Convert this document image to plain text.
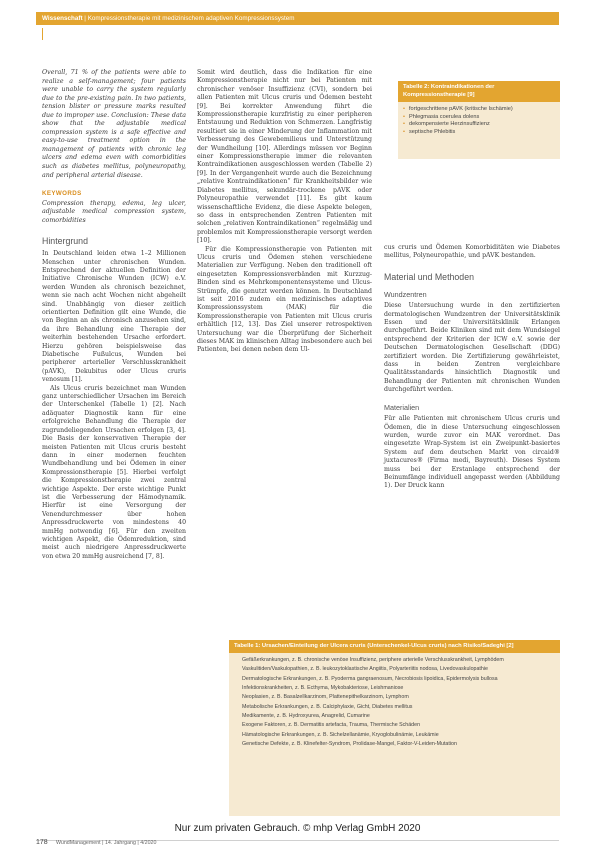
Wissenschaft | Kompressionstherapie mit medizinischem adaptiven Kompressionssystem

Overall, 71 % of the patients were able to realize a self-management; four patients were unable to carry the system regularly due to the pre-existing pain. In two patients, tension blister or pressure marks resulted due to improper use. Conclusion: These data show that the adjustable medical compression system is a safe effective and easy-to-use treatment option in the management of patients with chronic leg ulcers and edema even with comorbidities such as diabetes mellitus, polyneuropathy, and peripheral arterial disease.

KEYWORDS

Compression therapy, edema, leg ulcer, adjustable medical compression system, comorbidities

Hintergrund

In Deutschland leiden etwa 1–2 Millionen Menschen unter chronischen Wunden. Entsprechend der aktuellen Definition der Initiative Chronische Wunden (ICW) e.V. werden Wunden als chronisch bezeichnet, wenn sie nach acht Wochen nicht abgeheilt sind. Unabhängig von dieser zeitlich orientierten Definition gilt eine Wunde, die von Beginn an als chronisch anzusehen sind, da ihre Behandlung eine Therapie der weiterhin bestehenden Ursache erfordert. Hierzu gehören beispielsweise das Diabetische Fußulcus, Wunden bei peripherer arterieller Verschlusskrankheit (pAVK), Dekubitus oder Ulcus cruris venosum [1].

Als Ulcus cruris bezeichnet man Wunden ganz unterschiedlicher Ursachen im Bereich der Unterschenkel (Tabelle 1) [2]. Nach adäquater Diagnostik kann für eine erfolgreiche Behandlung die Therapie der zugrundeliegenden Ursachen erfolgen [3, 4]. Die Basis der konservativen Therapie der meisten Patienten mit Ulcus cruris besteht dann in einer modernen feuchten Wundbehandlung und bei Ödemen in einer Kompressionstherapie [5]. Hierbei verfolgt die Kompressionstherapie zwei zentral wichtige Aspekte. Der erste wichtige Punkt ist die Verbesserung der Hämodynamik. Hierfür ist eine Versorgung der Venendurchmesser über hohen Anpressdruckwerte von mindestens 40 mmHg notwendig [6]. Für den zweiten wichtigen Aspekt, die Ödemreduktion, sind meist auch niedrigere Anpressdruckwerte von etwa 20 mmHg ausreichend [7, 8].

Somit wird deutlich, dass die Indikation für eine Kompressionstherapie nicht nur bei Patienten mit chronischer venöser Insuffizienz (CVI), sondern bei allen Patienten mit Ulcus cruris und Ödemen besteht [9]. Bei korrekter Anwendung führt die Kompressionstherapie kurzfristig zu einer peripheren Entstauung und Reduktion von Schmerzen. Langfristig resultiert sie in einer Minderung der Inflammation mit Verbesserung des Gewebemilieus und Unterstützung der Wundheilung [10]. Allerdings müssen vor Beginn einer Kompressionstherapie immer die relevanten Kontraindikationen ausgeschlossen werden (Tabelle 2) [9]. In der Vergangenheit wurde auch die Bezeichnung „relative Kontraindikationen“ für Krankheitsbilder wie Diabetes mellitus, sekundär-trockene pAVK oder Polyneuropathie verwendet [11]. Es gibt kaum wissenschaftliche Evidenz, die diese Aspekte belegen, so dass in entsprechenden Zentren Patienten mit solchen „relativen Kontraindikationen“ regelmäßig und problemlos mit Kompressionstherapie versorgt werden [10].

Für die Kompressionstherapie von Patienten mit Ulcus cruris und Ödemen stehen verschiedene Materialien zur Verfügung. Neben den traditionell oft eingesetzten Kompressionsverbänden mit Kurzzug-Binden sind es Mehrkomponentensysteme und Ulcus-Strümpfe, die genutzt werden können. In Deutschland ist seit 2016 zudem ein medizinisches adaptives Kompressionssystem (MAK) für die Kompressionstherapie von Patienten mit Ulcus cruris erhältlich [12, 13]. Das Ziel unserer retrospektiven Untersuchung war die Überprüfung der Sicherheit dieses MAK im klinischen Alltag insbesondere auch bei Patienten, bei denen neben dem Ul-

Tabelle 2: Kontraindikationen der Kompressionstherapie [9]
• fortgeschrittene pAVK (kritische Ischämie)
• Phlegmasia coerulea dolens
• dekompensierte Herzinsuffizienz
• septische Phlebitis

cus cruris und Ödemen Komorbiditäten wie Diabetes mellitus, Polyneuropathie, und pAVK bestanden.

Material und Methoden
Wundzentren

Diese Untersuchung wurde in den zertifizierten dermatologischen Wundzentren der Universitätsklinik Essen und der Universitätsklinik Erlangen durchgeführt. Beide Kliniken sind mit dem Wundsiegel entsprechend der Kriterien der ICW e.V. sowie der Deutschen Dermatologischen Gesellschaft (DDG) zertifiziert worden. Die Zertifizierung gewährleistet, dass in beiden Zentren vergleichbare Qualitätsstandards hinsichtlich Diagnostik und Behandlung der Patienten mit chronischen Wunden durchgeführt werden.

Materialien

Für alle Patienten mit chronischem Ulcus cruris und Ödemen, die in diese Untersuchung eingeschlossen wurden, wurde zuvor ein MAK verordnet. Das eingesetzte Wrap-System ist ein Zweipunkt-basiertes System auf dem deutschen Markt von circaid® juxtacures® (Firma medi, Bayreuth). Dieses System muss bei der Erstanlage entsprechend der Beinumfänge individuell angepasst werden (Abbildung 1). Der Druck kann

Tabelle 1: Ursachen/Einteilung der Ulcera cruris (Unterschenkel-Ulcus cruris) nach Risiko/Sadeghi [2]
• Gefäßerkrankungen, z. B. chronische venöse Insuffizienz, periphere arterielle Verschlusskrankheit, Lymphödem
• Vaskulitiden/Vaskulopathien, z. B. leukozytoklastische Angiitis, Polyarteriitis nodosa, Livedovaskulopathie
• Dermatologische Erkrankungen, z. B. Pyoderma gangraenosum, Necrobiosis lipoidica, Epidermolysis bullosa
• Infektionskrankheiten, z. B. Ecthyma, Mykobakteriose, Leishmaniose
• Neoplasien, z. B. Basalzellkarzinom, Plattenepithelkarzinom, Lymphom
• Metabolische Erkrankungen, z. B. Calciphylaxie, Gicht, Diabetes mellitus
• Medikamente, z. B. Hydroxyurea, Anagrelid, Cumarine
• Exogene Faktoren, z. B. Dermatitis artefacta, Trauma, Thermische Schäden
• Hämatologische Erkrankungen, z. B. Sichelzellanämie, Kryoglobulinämie, Leukämie
• Genetische Defekte, z. B. Klinefelter-Syndrom, Prolidase-Mangel, Faktor-V-Leiden-Mutation
Nur zum privaten Gebrauch. © mhp Verlag GmbH 2020
178 WundManagement | 14. Jahrgang | 4/2020
